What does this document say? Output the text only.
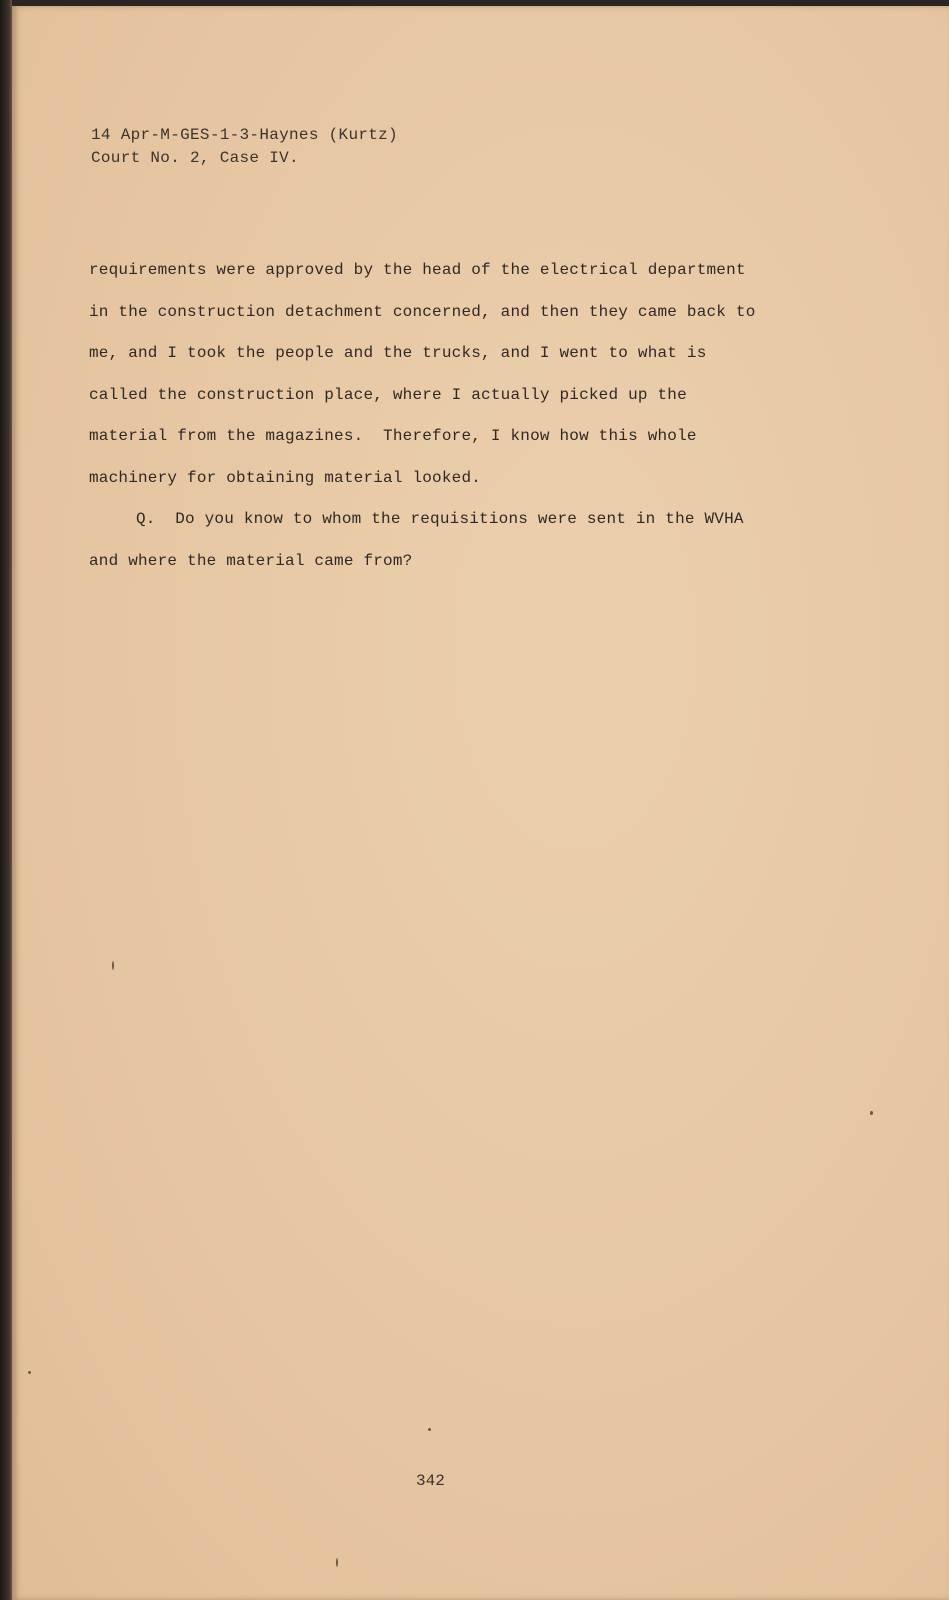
14 Apr-M-GES-1-3-Haynes (Kurtz)
Court No. 2, Case IV.
requirements were approved by the head of the electrical department
in the construction detachment concerned, and then they came back to
me, and I took the people and the trucks, and I went to what is
called the construction place, where I actually picked up the
material from the magazines.  Therefore, I know how this whole
machinery for obtaining material looked.
Q.  Do you know to whom the requisitions were sent in the WVHA
and where the material came from?
342
